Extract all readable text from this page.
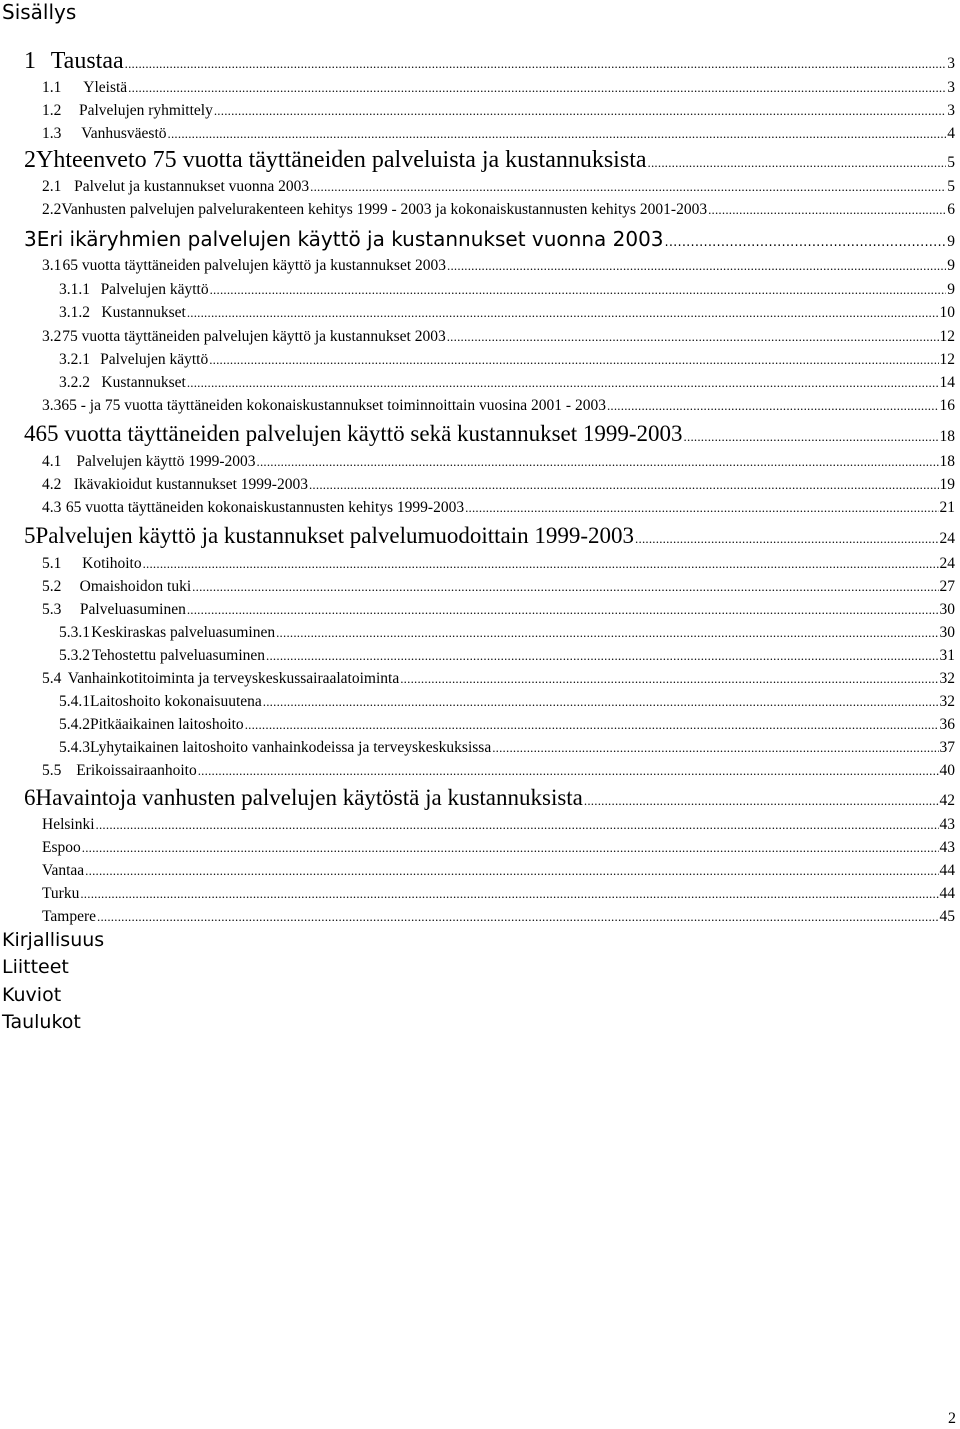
Sisällys
1 Taustaa .....	3
1.1	Yleistä .....	3
1.2	Palvelujen ryhmittely .....	3
1.3	Vanhusväestö .....	4
2 Yhteenveto 75 vuotta täyttäneiden palveluista ja kustannuksista .....	5
2.1 Palvelut ja kustannukset vuonna 2003 .....	5
2.2 Vanhusten palvelujen palvelurakenteen kehitys 1999 - 2003 ja kokonaiskustannusten kehitys 2001-2003 .....	6
3 Eri ikäryhmien palvelujen käyttö ja kustannukset vuonna 2003 .....	9
3.1 65 vuotta täyttäneiden palvelujen käyttö ja kustannukset 2003 .....	9
3.1.1 Palvelujen käyttö .....	9
3.1.2 Kustannukset .....	10
3.2 75 vuotta täyttäneiden palvelujen käyttö ja kustannukset 2003 .....	12
3.2.1 Palvelujen käyttö .....	12
3.2.2 Kustannukset .....	14
3.3 65 - ja 75 vuotta täyttäneiden kokonaiskustannukset toiminnoittain vuosina 2001 - 2003 .....	16
4 65 vuotta täyttäneiden palvelujen käyttö sekä kustannukset 1999-2003 .....	18
4.1 Palvelujen käyttö 1999-2003 .....	18
4.2 Ikävakioidut kustannukset 1999-2003 .....	19
4.3 65 vuotta täyttäneiden kokonaiskustannusten kehitys 1999-2003 .....	21
5 Palvelujen käyttö ja kustannukset palvelumuodoittain 1999-2003 .....	24
5.1	Kotihoito .....	24
5.2	Omaishoidon tuki .....	27
5.3	Palveluasuminen .....	30
5.3.1 Keskiraskas palveluasuminen .....	30
5.3.2 Tehostettu palveluasuminen .....	31
5.4 Vanhainkotitoiminta ja terveyskeskussairaalatoiminta .....	32
5.4.1 Laitoshoito kokonaisuutena .....	32
5.4.2 Pitkäaikainen laitoshoito .....	36
5.4.3 Lyhytaikainen laitoshoito vanhainkodeissa ja terveyskeskuksissa .....	37
5.5 Erikoissairaanhoito .....	40
6 Havaintoja vanhusten palvelujen käytöstä ja kustannuksista .....	42
Helsinki .....	43
Espoo .....	43
Vantaa .....	44
Turku .....	44
Tampere .....	45
Kirjallisuus
Liitteet
Kuviot
Taulukot
2
